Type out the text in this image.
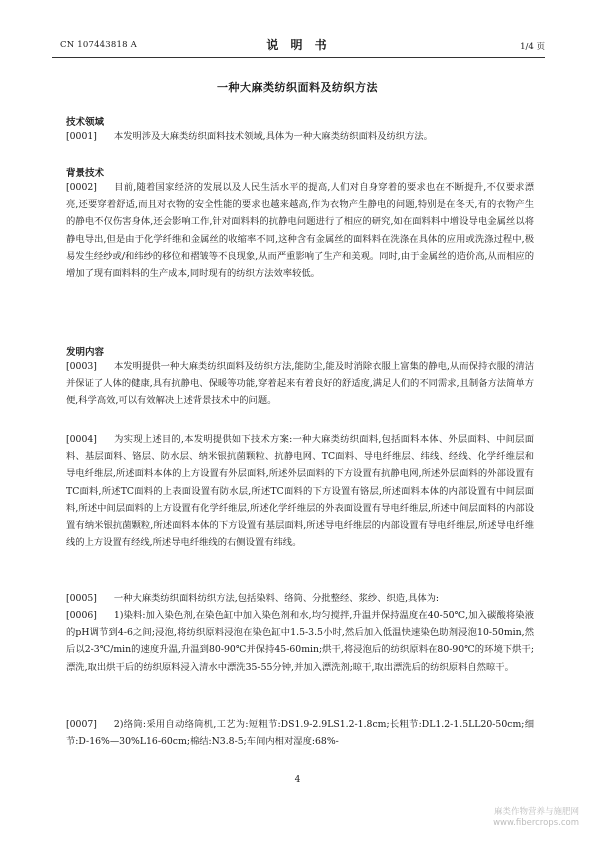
CN 107443818 A	说 明 书	1/4 页
一种大麻类纺织面料及纺织方法
技术领域

[0001] 本发明涉及大麻类纺织面料技术领域,具体为一种大麻类纺织面料及纺织方法。

背景技术

[0002] 目前,随着国家经济的发展以及人民生活水平的提高,人们对自身穿着的要求也在不断提升,不仅要求漂亮,还要穿着舒适,而且对衣物的安全性能的要求也越来越高,作为衣物产生静电的问题,特别是在冬天,有的衣物产生的静电不仅伤害身体,还会影响工作,针对面料料的抗静电问题进行了相应的研究,如在面料料中增设导电金属丝以将静电导出,但是由于化学纤维和金属丝的收缩率不同,这种含有金属丝的面料料在洗涤在具体的应用或洗涤过程中,极易发生经纱或/和纬纱的移位和褶皱等不良现象,从而严重影响了生产和美观。同时,由于金属丝的造价高,从而相应的增加了现有面料料的生产成本,同时现有的纺织方法效率较低。

发明内容

[0003] 本发明提供一种大麻类纺织面料及纺织方法,能防尘,能及时消除衣服上富集的静电,从而保持衣服的清洁并保证了人体的健康,具有抗静电、保暖等功能,穿着起来有着良好的舒适度,满足人们的不同需求,且制备方法简单方便,科学高效,可以有效解决上述背景技术中的问题。

[0004] 为实现上述目的,本发明提供如下技术方案:一种大麻类纺织面料,包括面料本体、外层面料、中间层面料、基层面料、铬层、防水层、纳米银抗菌颗粒、抗静电网、TC面料、导电纤维层、纬线、经线、化学纤维层和导电纤维层,所述面料本体的上方设置有外层面料,所述外层面料的下方设置有抗静电网,所述外层面料的外部设置有TC面料,所述TC面料的上表面设置有防水层,所述TC面料的下方设置有铬层,所述面料本体的内部设置有中间层面料,所述中间层面料的上方设置有化学纤维层,所述化学纤维层的外表面设置有导电纤维层,所述中间层面料的内部设置有纳米银抗菌颗粒,所述面料本体的下方设置有基层面料,所述导电纤维层的内部设置有导电纤维层,所述导电纤维线的上方设置有经线,所述导电纤维线的右侧设置有纬线。

[0005] 一种大麻类纺织面料纺织方法,包括染料、络筒、分批整经、浆纱、织造,具体为:

[0006] 1)染料:加入染色剂,在染色缸中加入染色剂和水,均匀搅拌,升温并保持温度在40-50℃,加入碳酸将染液的pH调节到4-6之间;浸泡,将纺织原料浸泡在染色缸中1.5-3.5小时,然后加入低温快速染色助剂浸泡10-50min,然后以2-3℃/min的速度升温,升温到80-90℃并保持45-60min;烘干,将浸泡后的纺织原料在80-90℃的环境下烘干;漂洗,取出烘干后的纺织原料浸入清水中漂洗35-55分钟,并加入漂洗剂;晾干,取出漂洗后的纺织原料自然晾干。

[0007] 2)络筒:采用自动络筒机,工艺为:短粗节:DS1.9-2.9LS1.2-1.8cm;长粗节:DL1.2-1.5LL20-50cm;细节:D-16%—30%L16-60cm;棉结:N3.8-5;车间内相对湿度:68%-

4
麻类作物营养与施肥网
www.fibercrops.com
